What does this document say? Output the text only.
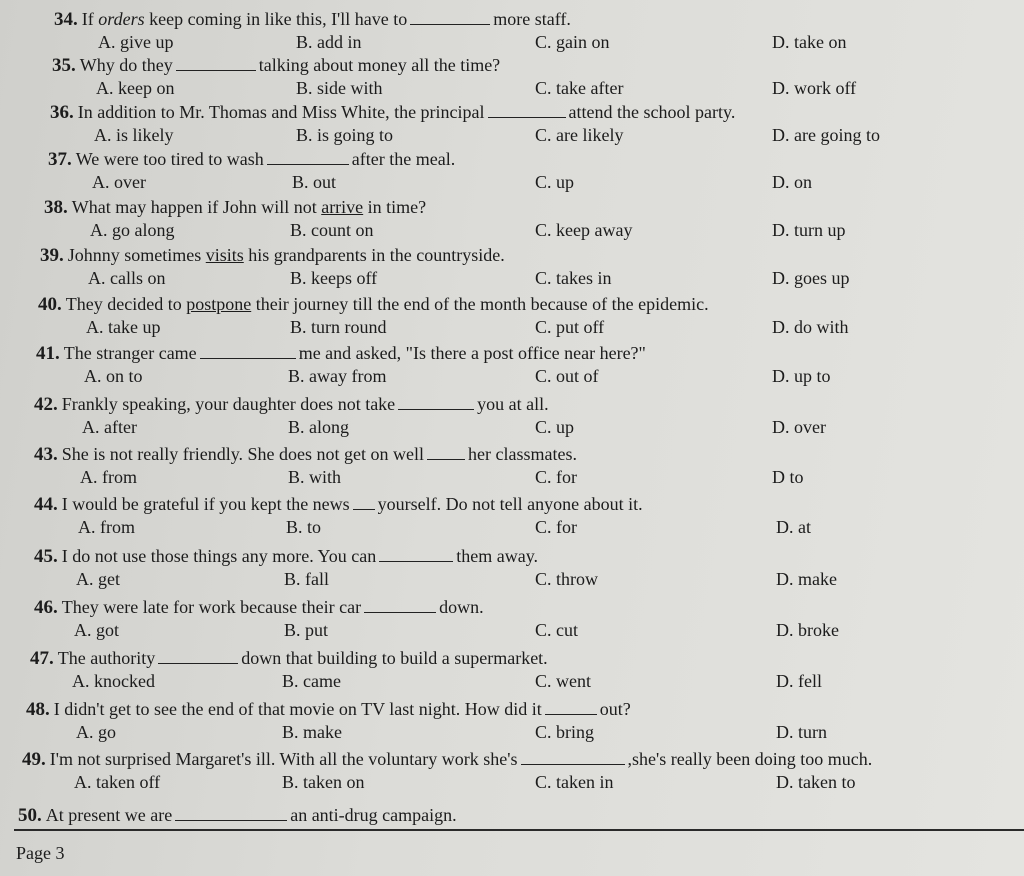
34. If orders keep coming in like this, I'll have to	more staff.
A. give up	B. add in	C. gain on	D. take on
35. Why do they	talking about money all the time?
A. keep on	B. side with	C. take after	D. work off
36. In addition to Mr. Thomas and Miss White, the principal	attend the school party.
A. is likely	B. is going to	C. are likely	D. are going to
37. We were too tired to wash	after the meal.
A. over	B. out	C. up	D. on
38. What may happen if John will not arrive in time?
A. go along	B. count on	C. keep away	D. turn up
39. Johnny sometimes visits his grandparents in the countryside.
A. calls on	B. keeps off	C. takes in	D. goes up
40. They decided to postpone their journey till the end of the month because of the epidemic.
A. take up	B. turn round	C. put off	D. do with
41. The stranger came	me and asked, "Is there a post office near here?"
A. on to	B. away from	C. out of	D. up to
42. Frankly speaking, your daughter does not take	you at all.
A. after	B. along	C. up	D. over
43. She is not really friendly. She does not get on well her classmates.
A. from	B. with	C. for	D to
44. I would be grateful if you kept the news yourself. Do not tell anyone about it.
A. from	B. to	C. for	D. at
45. I do not use those things any more. You can	them away.
A. get	B. fall	C. throw	D. make
46. They were late for work because their car	down.
A. got	B. put	C. cut	D. broke
47. The authority	down that building to build a supermarket.
A. knocked	B. came	C. went	D. fell
48. I didn't get to see the end of that movie on TV last night. How did it	out?
A. go	B. make	C. bring	D. turn
49. I'm not surprised Margaret's ill. With all the voluntary work she's	,she's really been doing too much.
A. taken off	B. taken on	C. taken in	D. taken to
50. At present we are	an anti-drug campaign.
Page 3
